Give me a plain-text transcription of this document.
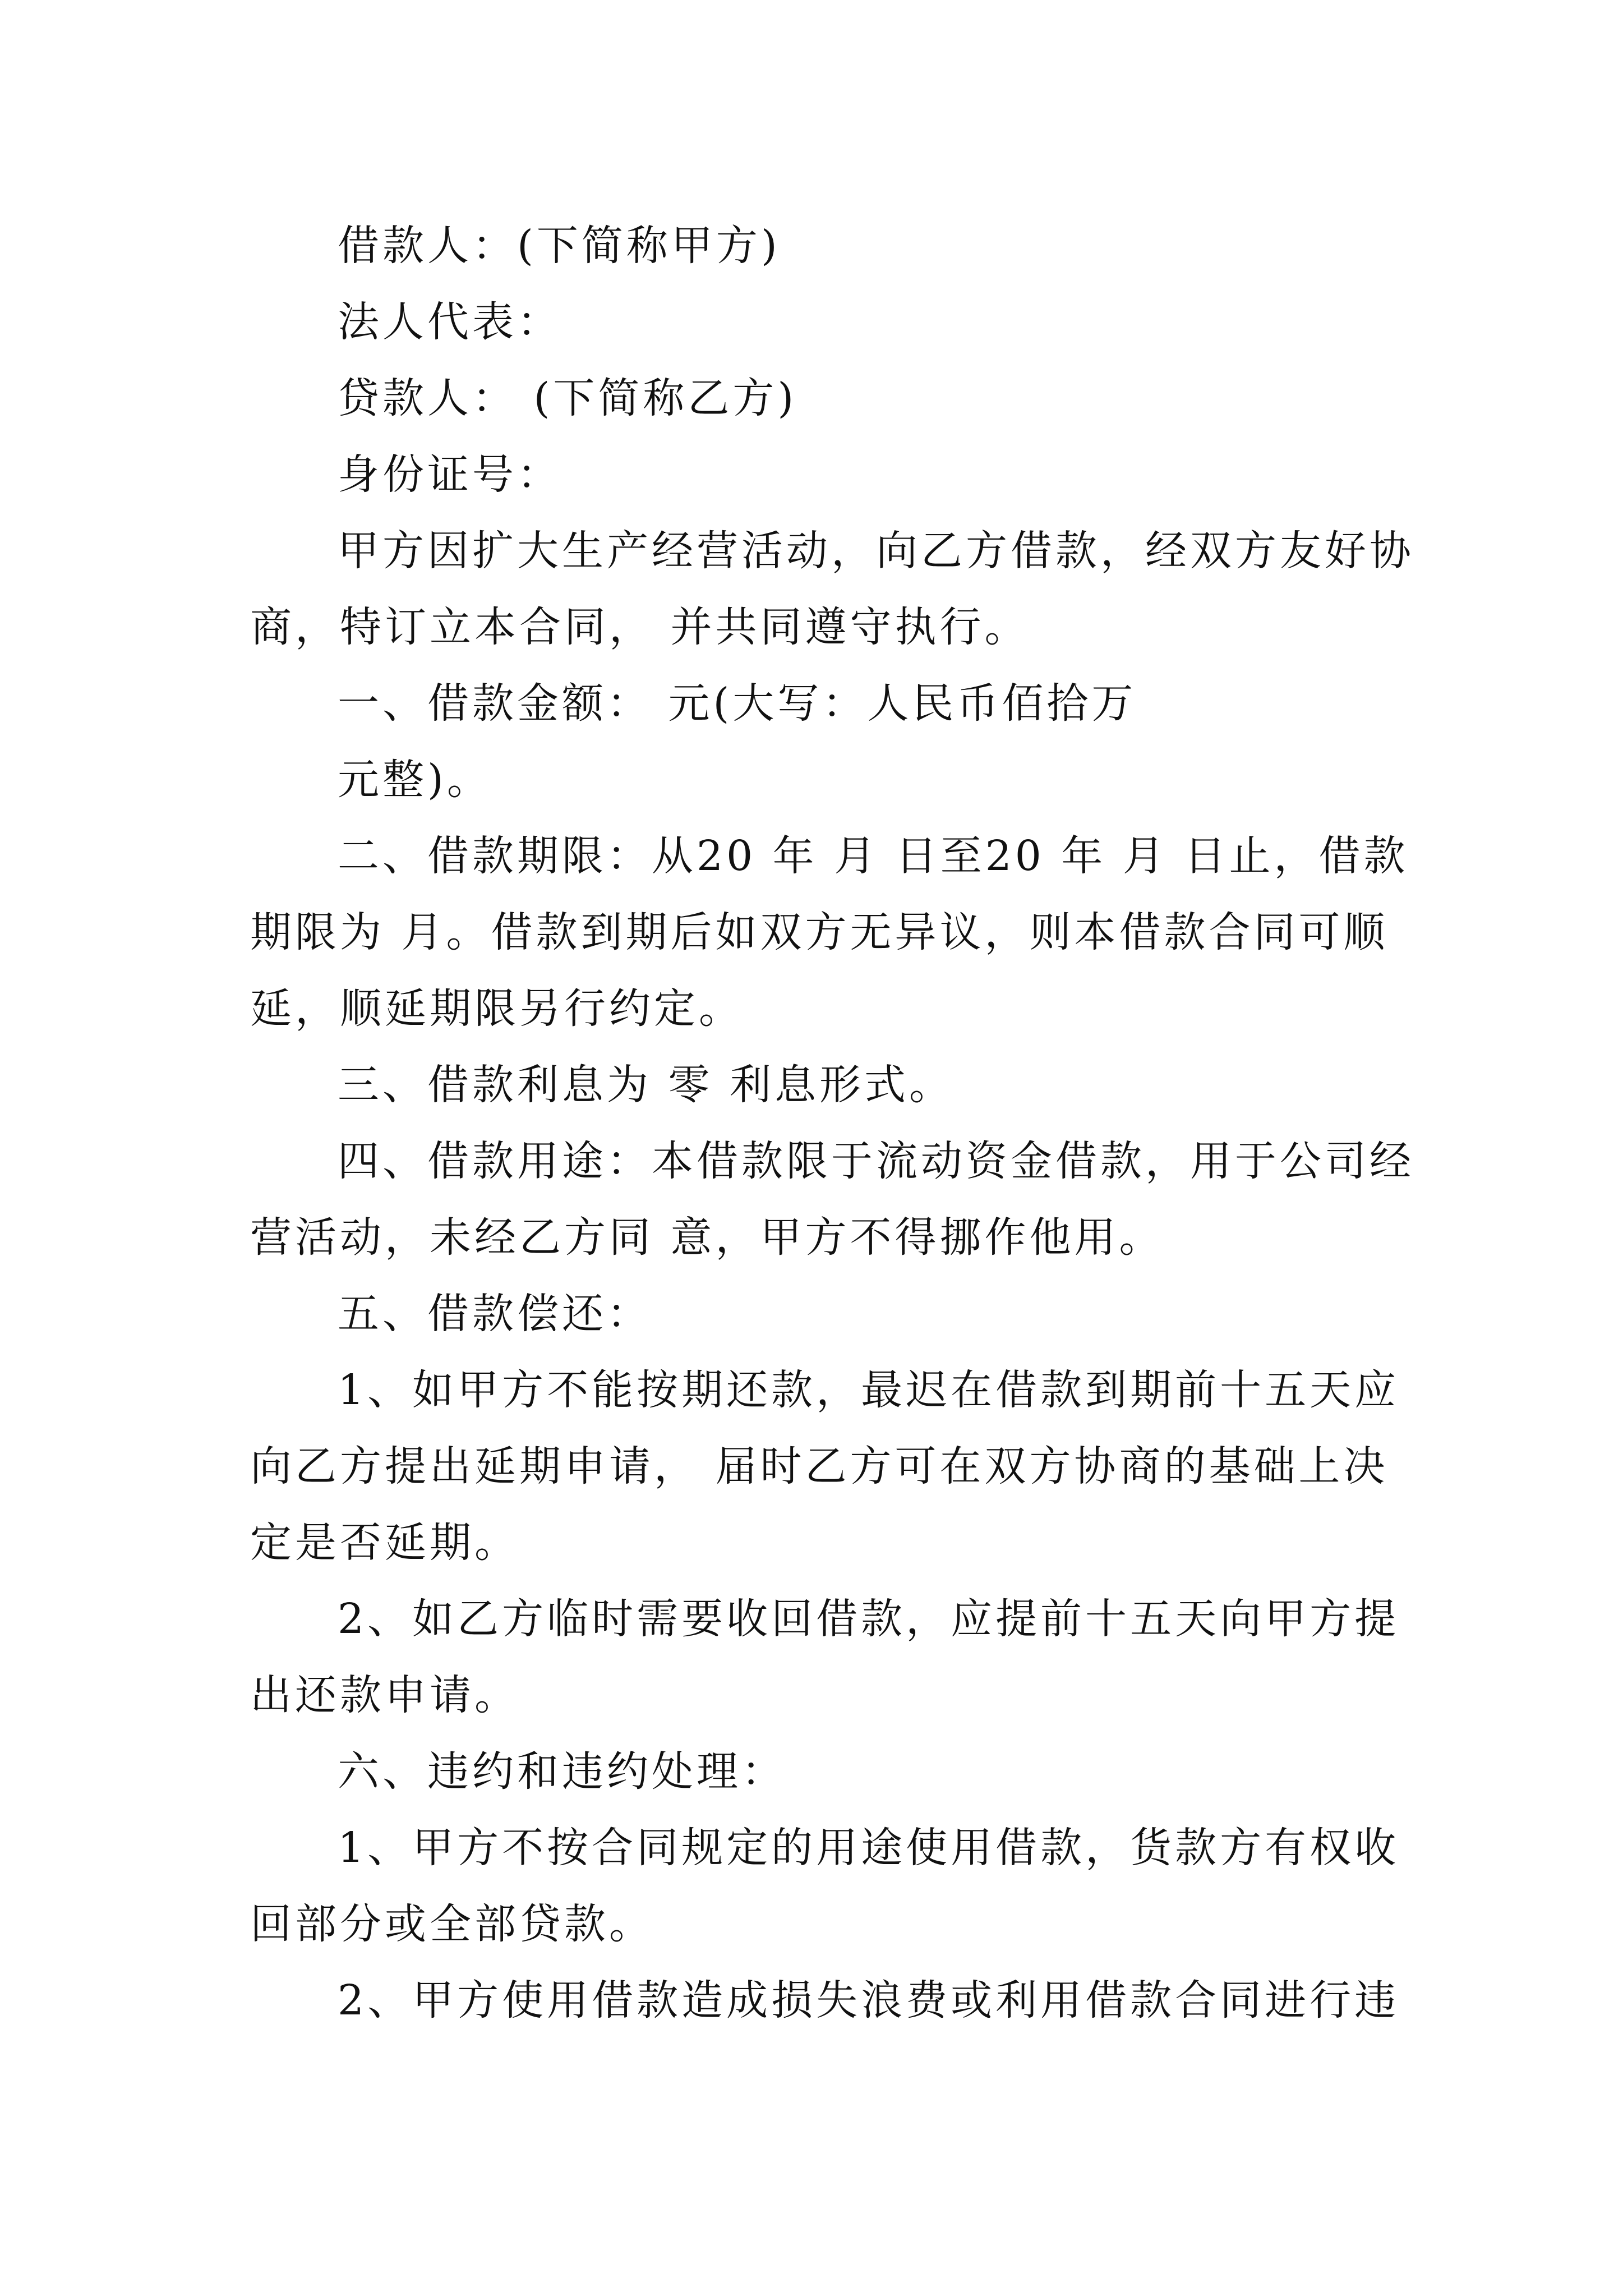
借款人：(下简称甲方)
法人代表：
贷款人： (下简称乙方)
身份证号：
甲方因扩大生产经营活动，向乙方借款，经双方友好协
商，特订立本合同， 并共同遵守执行。
一、借款金额： 元(大写：人民币佰拾万
元整)。
二、借款期限：从20 年 月 日至20 年 月 日止，借款
期限为 月。借款到期后如双方无异议，则本借款合同可顺
延，顺延期限另行约定。
三、借款利息为 零 利息形式。
四、借款用途：本借款限于流动资金借款，用于公司经
营活动，未经乙方同 意，甲方不得挪作他用。
五、借款偿还：
1、如甲方不能按期还款，最迟在借款到期前十五天应
向乙方提出延期申请， 届时乙方可在双方协商的基础上决
定是否延期。
2、如乙方临时需要收回借款，应提前十五天向甲方提
出还款申请。
六、违约和违约处理：
1、甲方不按合同规定的用途使用借款，货款方有权收
回部分或全部贷款。
2、甲方使用借款造成损失浪费或利用借款合同进行违
